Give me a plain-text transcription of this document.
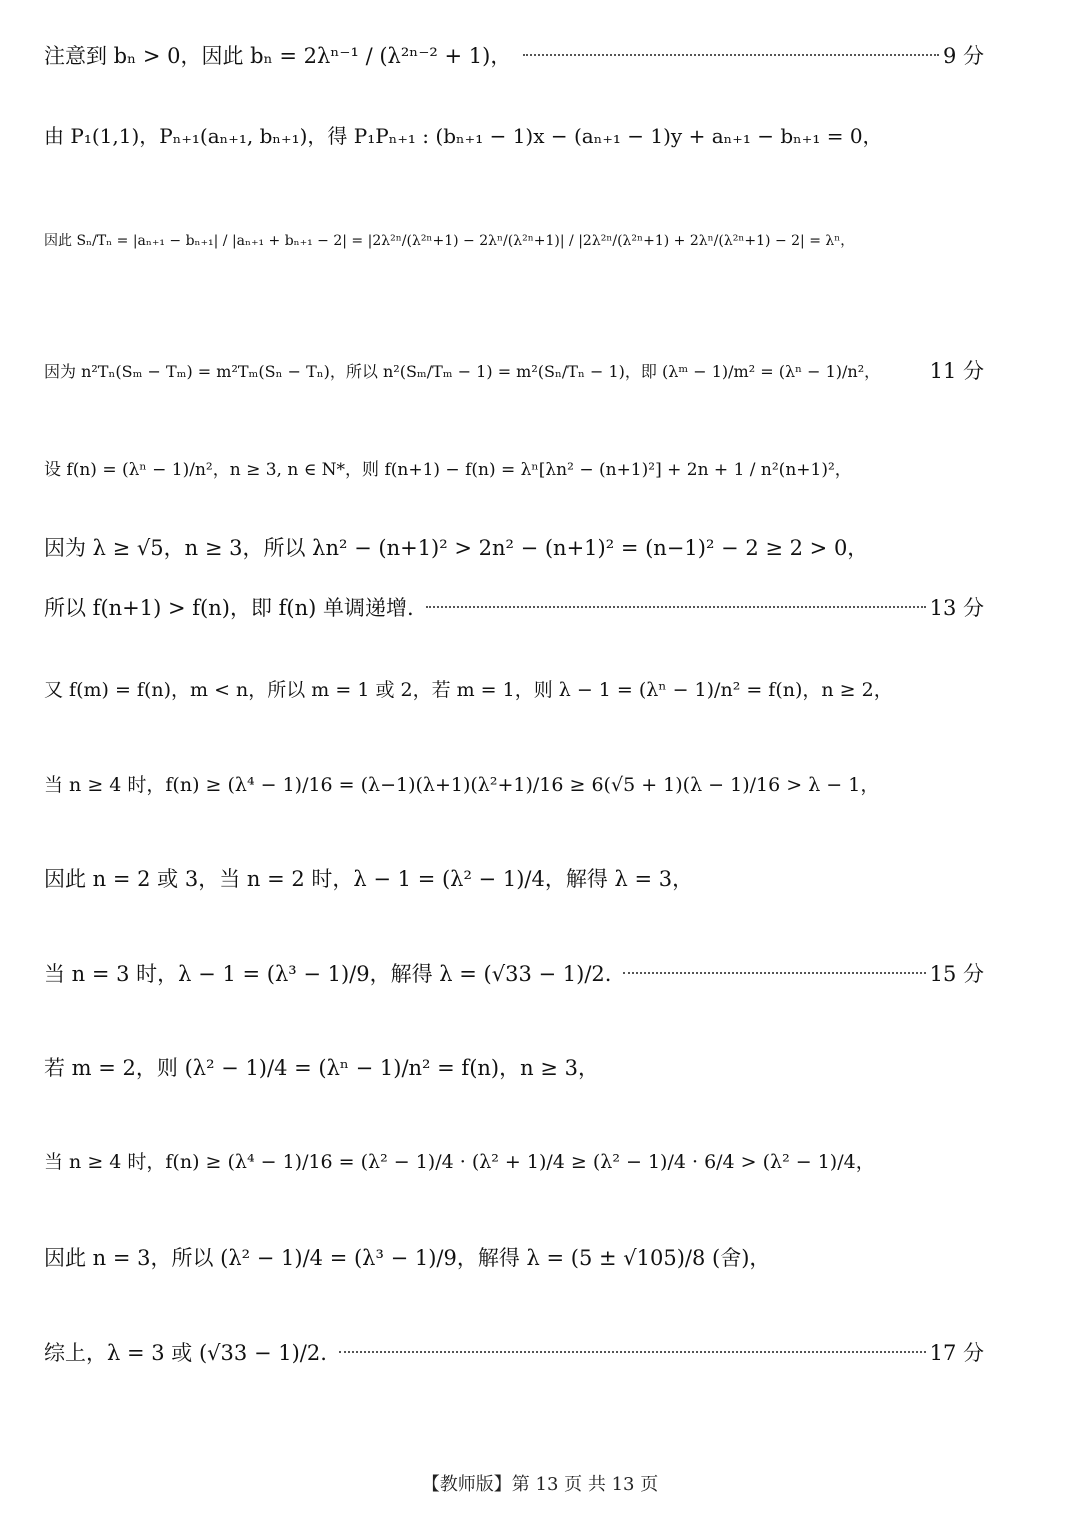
注意到 bₙ > 0，因此 bₙ = 2λⁿ⁻¹ / (λ²ⁿ⁻² + 1)，	9 分
由 P₁(1,1)，Pₙ₊₁(aₙ₊₁, bₙ₊₁)，得 P₁Pₙ₊₁ : (bₙ₊₁ − 1)x − (aₙ₊₁ − 1)y + aₙ₊₁ − bₙ₊₁ = 0，
因此 Sₙ/Tₙ = |aₙ₊₁ − bₙ₊₁| / |aₙ₊₁ + bₙ₊₁ − 2| = |2λ²ⁿ/(λ²ⁿ+1) − 2λⁿ/(λ²ⁿ+1)| / |2λ²ⁿ/(λ²ⁿ+1) + 2λⁿ/(λ²ⁿ+1) − 2| = λⁿ，
因为 n²Tₙ(Sₘ − Tₘ) = m²Tₘ(Sₙ − Tₙ)，所以 n²(Sₘ/Tₘ − 1) = m²(Sₙ/Tₙ − 1)，即 (λᵐ − 1)/m² = (λⁿ − 1)/n²， 11 分
设 f(n) = (λⁿ − 1)/n²，n ≥ 3, n ∈ N*，则 f(n+1) − f(n) = λⁿ[λn² − (n+1)²] + 2n + 1 / n²(n+1)²，
因为 λ ≥ √5，n ≥ 3，所以 λn² − (n+1)² > 2n² − (n+1)² = (n−1)² − 2 ≥ 2 > 0，
所以 f(n+1) > f(n)，即 f(n) 单调递增.	13 分
又 f(m) = f(n)，m < n，所以 m = 1 或 2，若 m = 1，则 λ − 1 = (λⁿ − 1)/n² = f(n)，n ≥ 2，
当 n ≥ 4 时，f(n) ≥ (λ⁴ − 1)/16 = (λ−1)(λ+1)(λ²+1)/16 ≥ 6(√5 + 1)(λ − 1)/16 > λ − 1，
因此 n = 2 或 3，当 n = 2 时，λ − 1 = (λ² − 1)/4，解得 λ = 3，
当 n = 3 时，λ − 1 = (λ³ − 1)/9，解得 λ = (√33 − 1)/2.	15 分
若 m = 2，则 (λ² − 1)/4 = (λⁿ − 1)/n² = f(n)，n ≥ 3，
当 n ≥ 4 时，f(n) ≥ (λ⁴ − 1)/16 = (λ² − 1)/4 · (λ² + 1)/4 ≥ (λ² − 1)/4 · 6/4 > (λ² − 1)/4，
因此 n = 3，所以 (λ² − 1)/4 = (λ³ − 1)/9，解得 λ = (5 ± √105)/8 (舍)，
综上，λ = 3 或 (√33 − 1)/2.	17 分
【教师版】第 13 页 共 13 页
